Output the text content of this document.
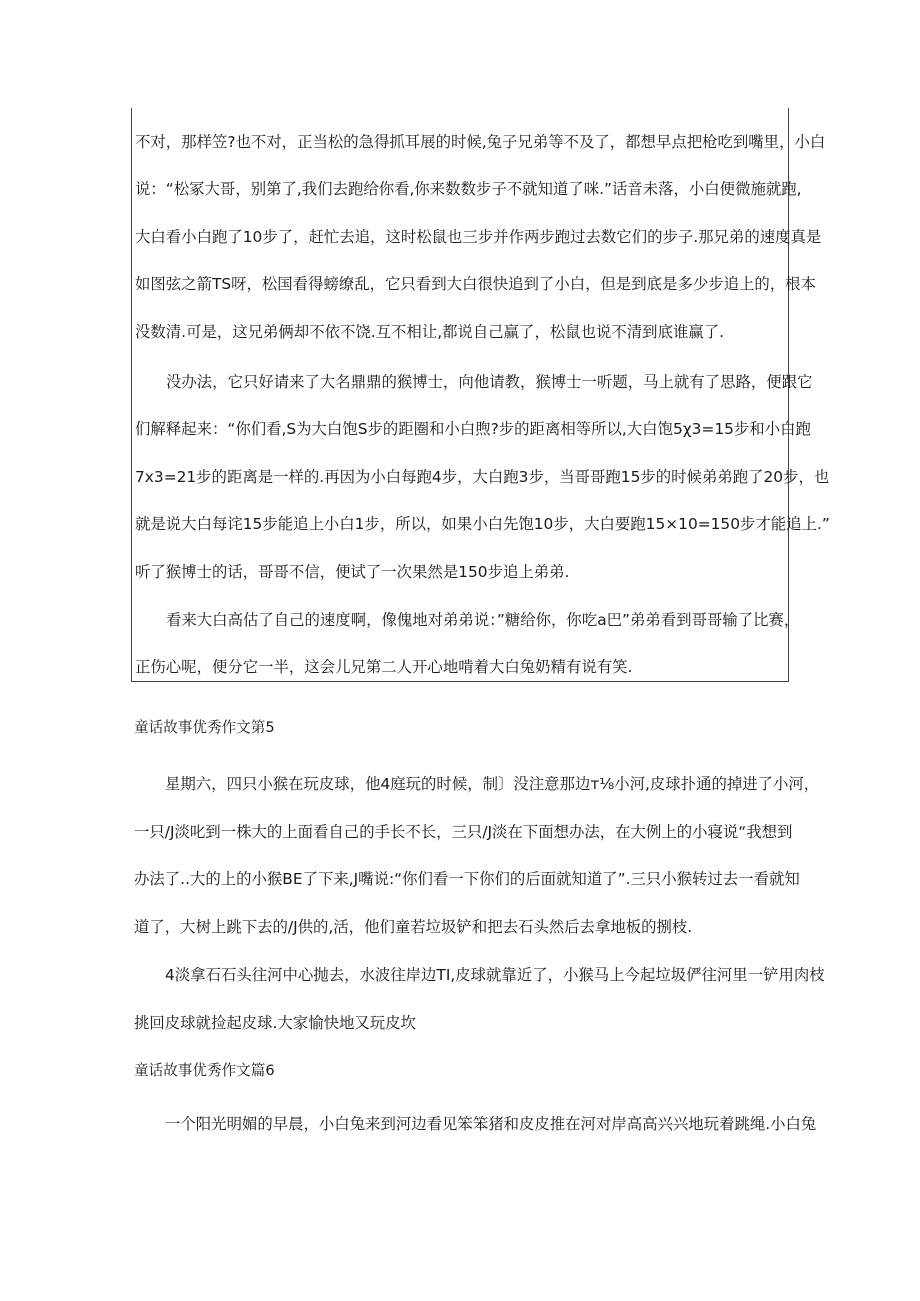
不对，那样笠?也不对，正当松的急得抓耳展的时候,兔子兄弟等不及了，都想早点把枪吃到嘴里，小白
说：“松冢大哥，别第了,我们去跑给你看,你来数数步子不就知道了咪.”话音未落，小白便微施就跑,
大白看小白跑了10步了，赶忙去追，这时松鼠也三步并作两步跑过去数它们的步子.那兄弟的速度真是
如图弦之箭TS呀，松国看得螃缭乱，它只看到大白很快追到了小白，但是到底是多少步追上的，根本
没数清.可是，这兄弟俩却不依不饶.互不相让,都说自己赢了，松鼠也说不清到底谁赢了.
没办法，它只好请来了大名鼎鼎的猴博士，向他请教，猴博士一听题，马上就有了思路，便跟它
们解释起来：“你们看,S为大白饱S步的距圈和小白煦?步的距离相等所以,大白饱5χ3=15步和小白跑
7x3=21步的距离是一样的.再因为小白每跑4步，大白跑3步，当哥哥跑15步的时候弟弟跑了20步，也
就是说大白每诧15步能追上小白1步，所以，如果小白先饱10步，大白要跑15×10=150步才能追上.”
听了猴博士的话，哥哥不信，便试了一次果然是150步追上弟弟.
看来大白高估了自己的速度啊，像傀地对弟弟说：”糖给你，你吃a巴”弟弟看到哥哥输了比赛，
正伤心呢，便分它一半，这会儿兄第二人开心地啃着大白兔奶精有说有笑.
童话故事优秀作文第5
星期六，四只小猴在玩皮球，他4庭玩的时候，制〕没注意那边т⅛小河,皮球扑通的掉进了小河，
一只/J淡叱到一株大的上面看自己的手长不长，三只/J淡在下面想办法，在大例上的小寝说“我想到
办法了..大的上的小猴BE了下来,J嘴说:“你们看一下你们的后面就知道了”.三只小猴转过去一看就知
道了，大树上跳下去的/J供的,活，他们童若垃圾铲和把去石头然后去拿地板的捌枝.
4淡拿石石头往河中心抛去，水波往岸边TI,皮球就靠近了，小猴马上今起垃圾俨往河里一铲用肉枝
挑回皮球就捡起皮球.大家愉快地又玩皮坎
童话故事优秀作文篇6
一个阳光明媚的早晨，小白兔来到河边看见笨笨猪和皮皮推在河对岸高高兴兴地玩着跳绳.小白兔
